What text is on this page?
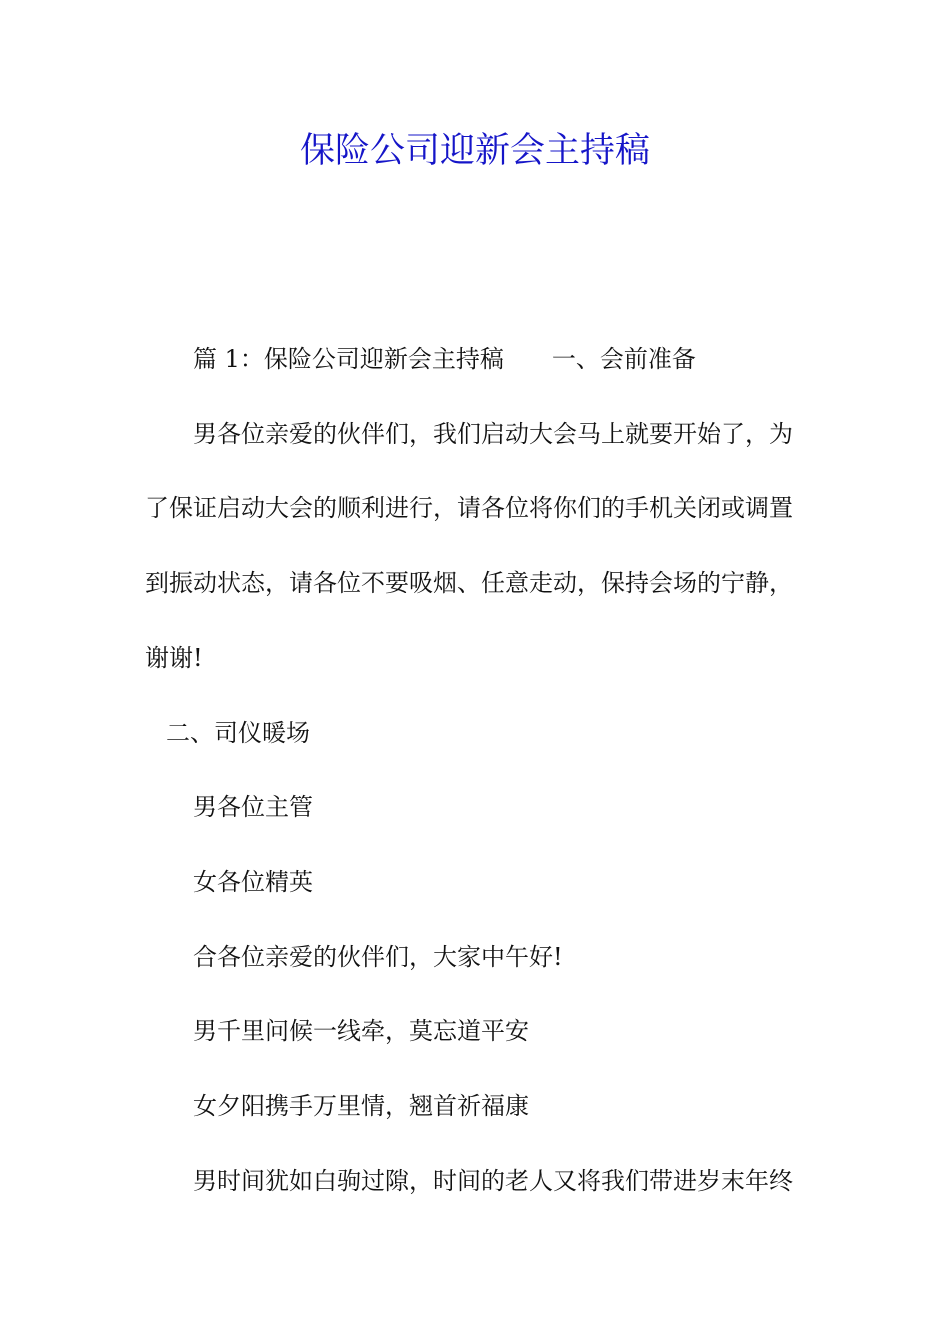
保险公司迎新会主持稿

篇 1：保险公司迎新会主持稿 一、会前准备

男各位亲爱的伙伴们，我们启动大会马上就要开始了，为

了保证启动大会的顺利进行，请各位将你们的手机关闭或调置

到振动状态，请各位不要吸烟、任意走动，保持会场的宁静，

谢谢!

二、司仪暖场

男各位主管

女各位精英

合各位亲爱的伙伴们，大家中午好!

男千里问候一线牵，莫忘道平安

女夕阳携手万里情，翘首祈福康

男时间犹如白驹过隙，时间的老人又将我们带进岁末年终
